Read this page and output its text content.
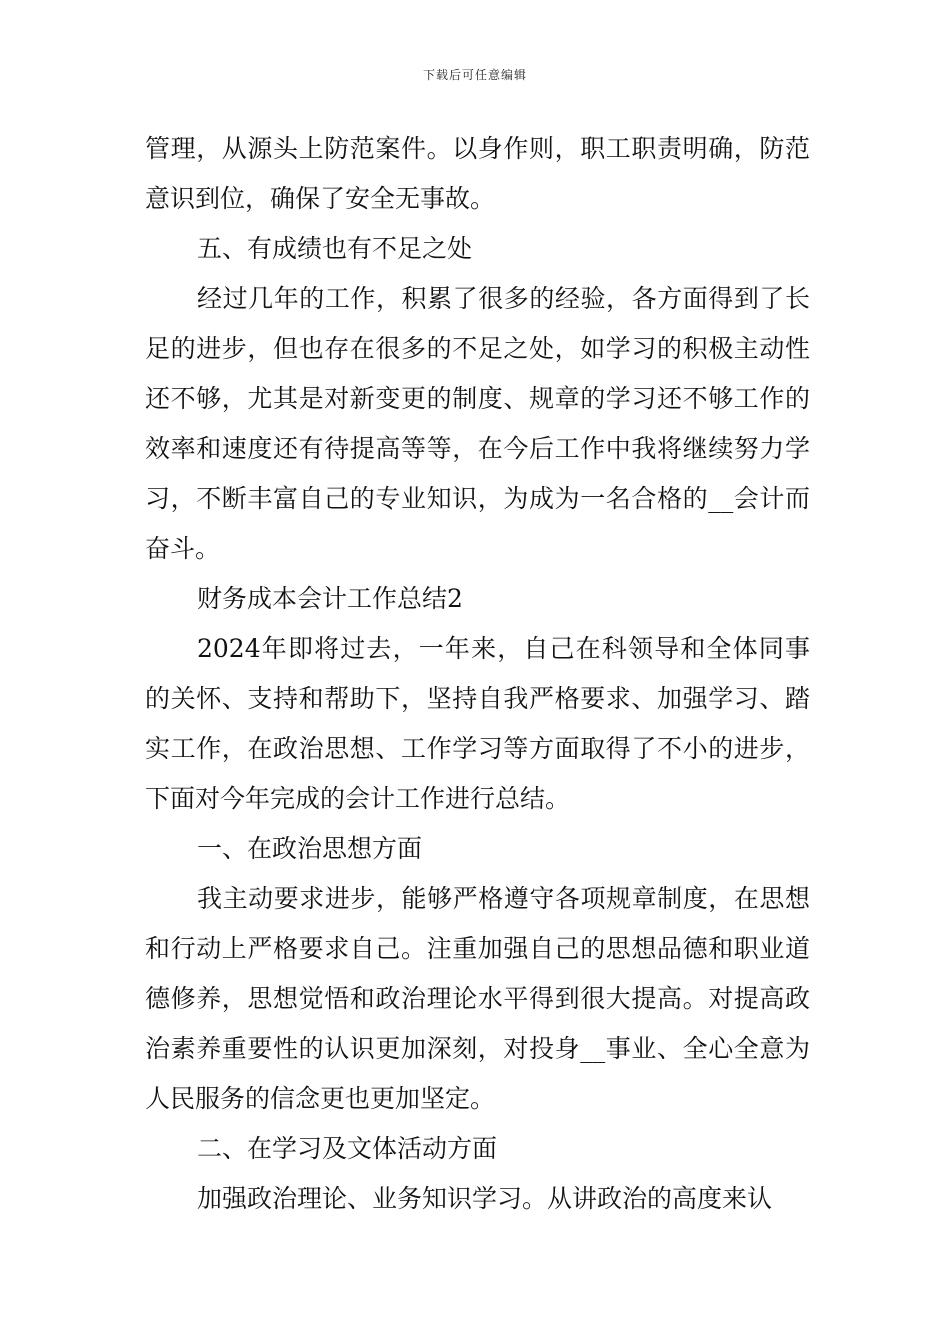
下载后可任意编辑

管理，从源头上防范案件。以身作则，职工职责明确，防范意识到位，确保了安全无事故。

五、有成绩也有不足之处

经过几年的工作，积累了很多的经验，各方面得到了长足的进步，但也存在很多的不足之处，如学习的积极主动性还不够，尤其是对新变更的制度、规章的学习还不够工作的效率和速度还有待提高等等，在今后工作中我将继续努力学习，不断丰富自己的专业知识，为成为一名合格的__会计而奋斗。

财务成本会计工作总结2

2024年即将过去，一年来，自己在科领导和全体同事的关怀、支持和帮助下，坚持自我严格要求、加强学习、踏实工作，在政治思想、工作学习等方面取得了不小的进步，下面对今年完成的会计工作进行总结。

一、在政治思想方面

我主动要求进步，能够严格遵守各项规章制度，在思想和行动上严格要求自己。注重加强自己的思想品德和职业道德修养，思想觉悟和政治理论水平得到很大提高。对提高政治素养重要性的认识更加深刻，对投身__事业、全心全意为人民服务的信念更也更加坚定。

二、在学习及文体活动方面

加强政治理论、业务知识学习。从讲政治的高度来认
